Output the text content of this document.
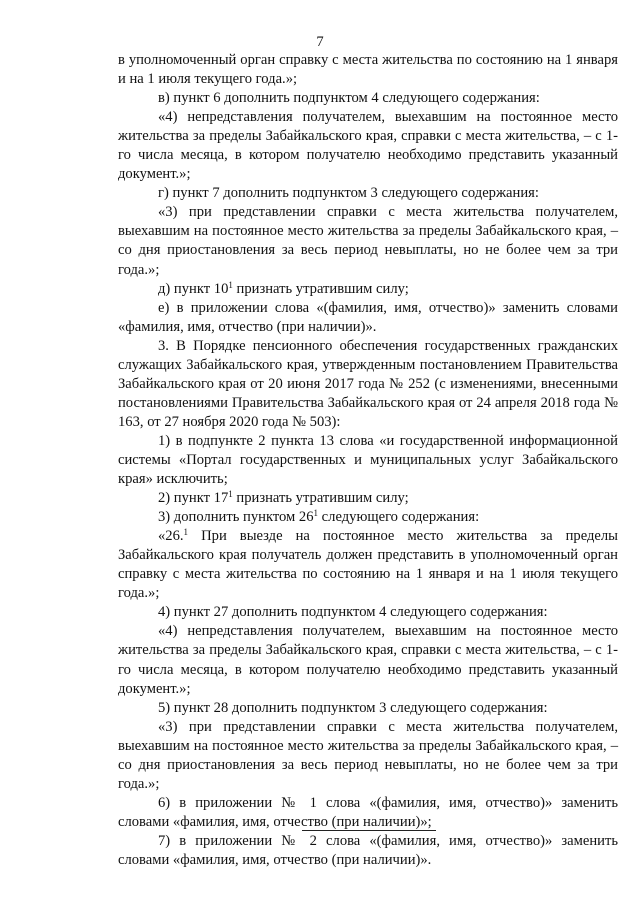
7

в уполномоченный орган справку с места жительства по состоянию на 1 января и на 1 июля текущего года.»;

в) пункт 6 дополнить подпунктом 4 следующего содержания:

«4) непредставления получателем, выехавшим на постоянное место жительства за пределы Забайкальского края, справки с места жительства, – с 1-го числа месяца, в котором получателю необходимо представить указанный документ.»;

г) пункт 7 дополнить подпунктом 3 следующего содержания:

«3) при представлении справки с места жительства получателем, выехавшим на постоянное место жительства за пределы Забайкальского края, – со дня приостановления за весь период невыплаты, но не более чем за три года.»;

д) пункт $10^1$ признать утратившим силу;

е) в приложении слова «(фамилия, имя, отчество)» заменить словами «фамилия, имя, отчество (при наличии)».

3. В Порядке пенсионного обеспечения государственных гражданских служащих Забайкальского края, утвержденным постановлением Правительства Забайкальского края от 20 июня 2017 года № 252 (с изменениями, внесенными постановлениями Правительства Забайкальского края от 24 апреля 2018 года № 163, от 27 ноября 2020 года № 503):

1) в подпункте 2 пункта 13 слова «и государственной информационной системы «Портал государственных и муниципальных услуг Забайкальского края» исключить;

2) пункт $17^1$ признать утратившим силу;

3) дополнить пунктом $26^1$ следующего содержания:

«26.$^1$ При выезде на постоянное место жительства за пределы Забайкальского края получатель должен представить в уполномоченный орган справку с места жительства по состоянию на 1 января и на 1 июля текущего года.»;

4) пункт 27 дополнить подпунктом 4 следующего содержания:

«4) непредставления получателем, выехавшим на постоянное место жительства за пределы Забайкальского края, справки с места жительства, – с 1-го числа месяца, в котором получателю необходимо представить указанный документ.»;

5) пункт 28 дополнить подпунктом 3 следующего содержания:

«3) при представлении справки с места жительства получателем, выехавшим на постоянное место жительства за пределы Забайкальского края, – со дня приостановления за весь период невыплаты, но не более чем за три года.»;

6) в приложении № 1 слова «(фамилия, имя, отчество)» заменить словами «фамилия, имя, отчество (при наличии)»;

7) в приложении № 2 слова «(фамилия, имя, отчество)» заменить словами «фамилия, имя, отчество (при наличии)».
